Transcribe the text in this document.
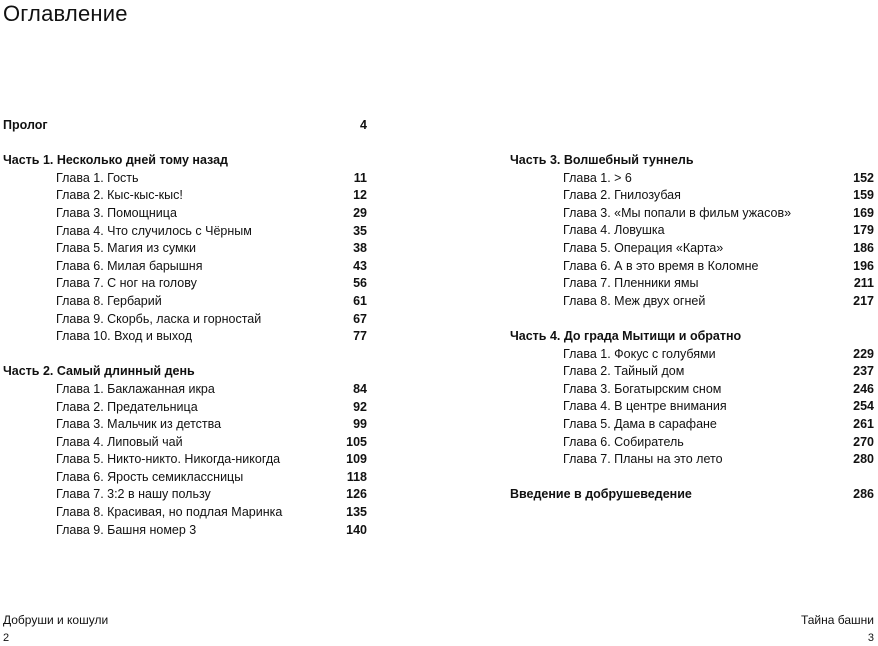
Оглавление
Пролог	4
Часть 1. Несколько дней тому назад
Глава 1. Гость	11
Глава 2. Кыс-кыс-кыс!	12
Глава 3. Помощница	29
Глава 4. Что случилось с Чёрным	35
Глава 5. Магия из сумки	38
Глава 6. Милая барышня	43
Глава 7. С ног на голову	56
Глава 8. Гербарий	61
Глава 9. Скорбь, ласка и горностай	67
Глава 10. Вход и выход	77
Часть 2. Самый длинный день
Глава 1. Баклажанная икра	84
Глава 2. Предательница	92
Глава 3. Мальчик из детства	99
Глава 4. Липовый чай	105
Глава 5. Никто-никто. Никогда-никогда	109
Глава 6. Ярость семиклассницы	118
Глава 7. 3:2 в нашу пользу	126
Глава 8. Красивая, но подлая Маринка	135
Глава 9. Башня номер 3	140
Часть 3. Волшебный туннель
Глава 1. > 6	152
Глава 2. Гнилозубая	159
Глава 3. «Мы попали в фильм ужасов»	169
Глава 4. Ловушка	179
Глава 5. Операция «Карта»	186
Глава 6. А в это время в Коломне	196
Глава 7. Пленники ямы	211
Глава 8. Меж двух огней	217
Часть 4. До града Мытищи и обратно
Глава 1. Фокус с голубями	229
Глава 2. Тайный дом	237
Глава 3. Богатырским сном	246
Глава 4. В центре внимания	254
Глава 5. Дама в сарафане	261
Глава 6. Собиратель	270
Глава 7. Планы на это лето	280
Введение в добрушеведение	286
Добруши и кошули
2
Тайна башни
3
